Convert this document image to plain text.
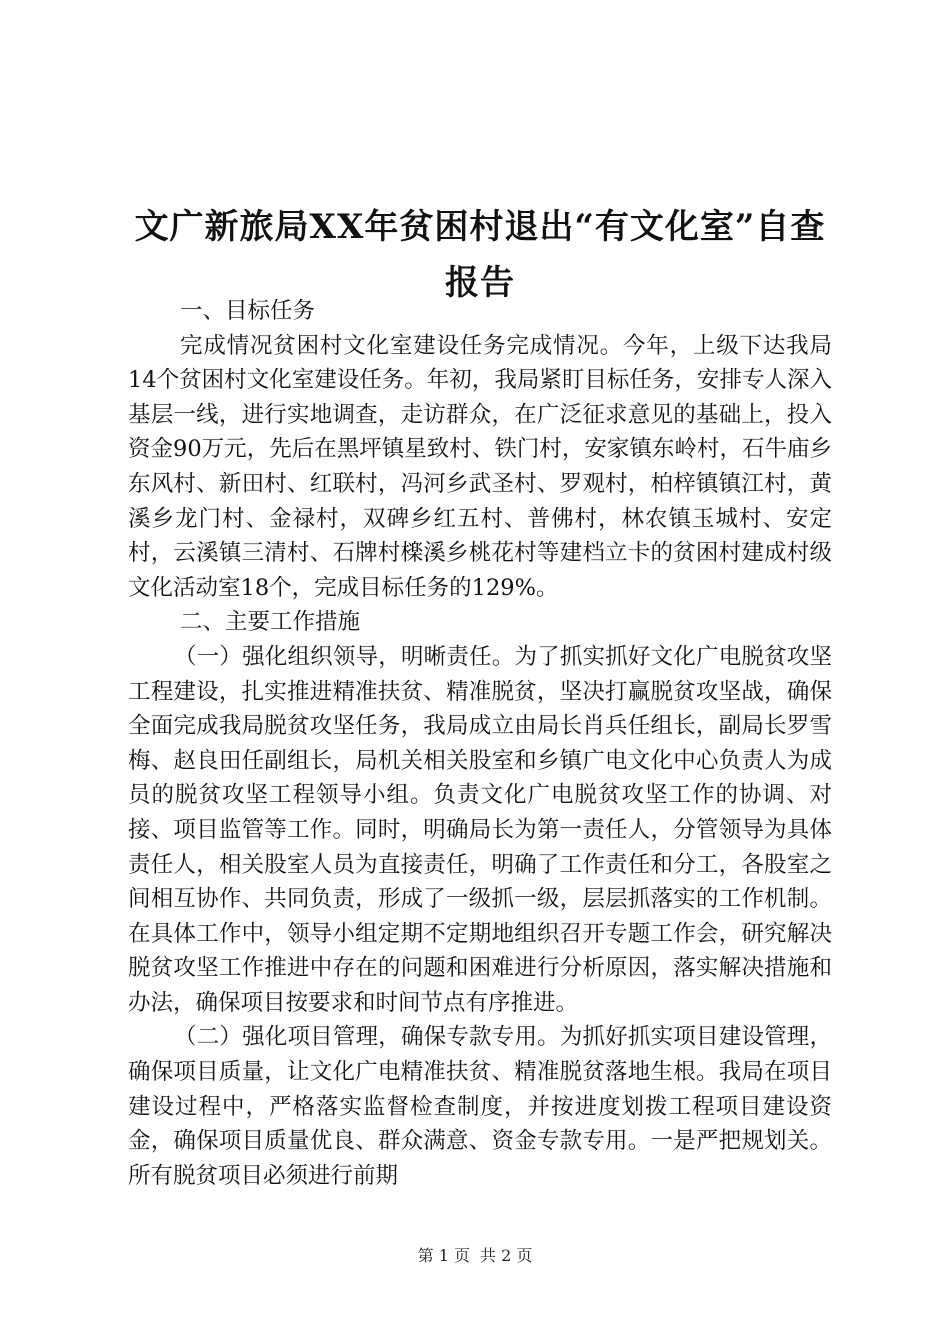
文广新旅局XX年贫困村退出“有文化室”自查报告

一、目标任务

完成情况贫困村文化室建设任务完成情况。今年，上级下达我局14个贫困村文化室建设任务。年初，我局紧盯目标任务，安排专人深入基层一线，进行实地调查，走访群众，在广泛征求意见的基础上，投入资金90万元，先后在黑坪镇星致村、铁门村，安家镇东岭村，石牛庙乡东风村、新田村、红联村，冯河乡武圣村、罗观村，柏梓镇镇江村，黄溪乡龙门村、金禄村，双碑乡红五村、普佛村，林农镇玉城村、安定村，云溪镇三清村、石牌村檪溪乡桃花村等建档立卡的贫困村建成村级文化活动室18个，完成目标任务的129%。

二、主要工作措施

（一）强化组织领导，明晰责任。为了抓实抓好文化广电脱贫攻坚工程建设，扎实推进精准扶贫、精准脱贫，坚决打赢脱贫攻坚战，确保全面完成我局脱贫攻坚任务，我局成立由局长肖兵任组长，副局长罗雪梅、赵良田任副组长，局机关相关股室和乡镇广电文化中心负责人为成员的脱贫攻坚工程领导小组。负责文化广电脱贫攻坚工作的协调、对接、项目监管等工作。同时，明确局长为第一责任人，分管领导为具体责任人，相关股室人员为直接责任，明确了工作责任和分工，各股室之间相互协作、共同负责，形成了一级抓一级，层层抓落实的工作机制。在具体工作中，领导小组定期不定期地组织召开专题工作会，研究解决脱贫攻坚工作推进中存在的问题和困难进行分析原因，落实解决措施和办法，确保项目按要求和时间节点有序推进。

（二）强化项目管理，确保专款专用。为抓好抓实项目建设管理，确保项目质量，让文化广电精准扶贫、精准脱贫落地生根。我局在项目建设过程中，严格落实监督检查制度，并按进度划拨工程项目建设资金，确保项目质量优良、群众满意、资金专款专用。一是严把规划关。所有脱贫项目必须进行前期

第 1 页 共 2 页
